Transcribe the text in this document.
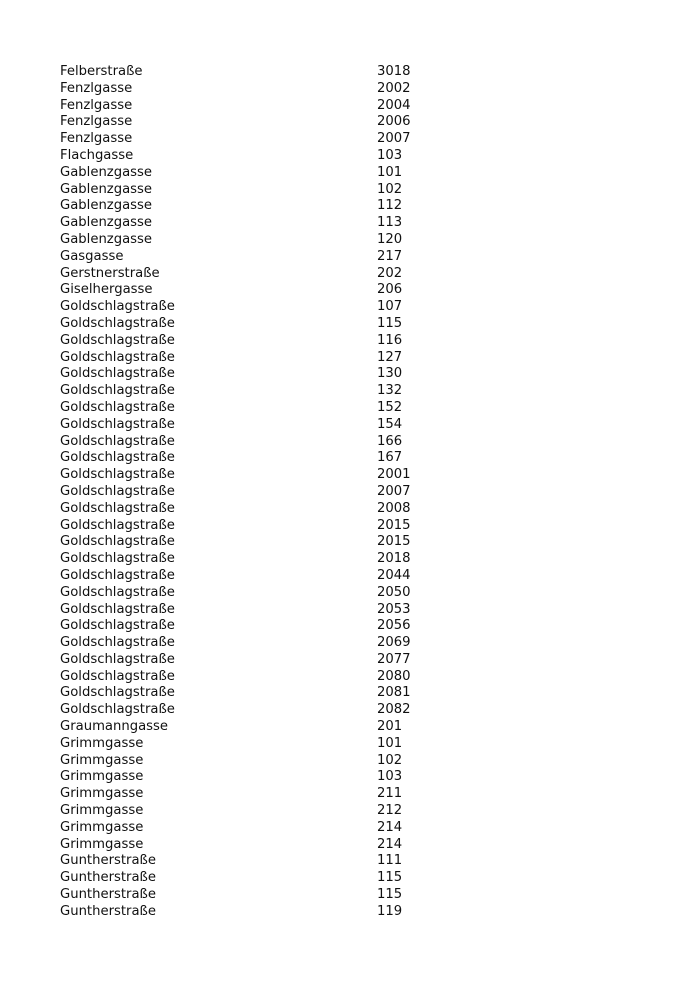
Felberstraße	3018
Fenzlgasse	2002
Fenzlgasse	2004
Fenzlgasse	2006
Fenzlgasse	2007
Flachgasse	103
Gablenzgasse	101
Gablenzgasse	102
Gablenzgasse	112
Gablenzgasse	113
Gablenzgasse	120
Gasgasse	217
Gerstnerstraße	202
Giselhergasse	206
Goldschlagstraße	107
Goldschlagstraße	115
Goldschlagstraße	116
Goldschlagstraße	127
Goldschlagstraße	130
Goldschlagstraße	132
Goldschlagstraße	152
Goldschlagstraße	154
Goldschlagstraße	166
Goldschlagstraße	167
Goldschlagstraße	2001
Goldschlagstraße	2007
Goldschlagstraße	2008
Goldschlagstraße	2015
Goldschlagstraße	2015
Goldschlagstraße	2018
Goldschlagstraße	2044
Goldschlagstraße	2050
Goldschlagstraße	2053
Goldschlagstraße	2056
Goldschlagstraße	2069
Goldschlagstraße	2077
Goldschlagstraße	2080
Goldschlagstraße	2081
Goldschlagstraße	2082
Graumanngasse	201
Grimmgasse	101
Grimmgasse	102
Grimmgasse	103
Grimmgasse	211
Grimmgasse	212
Grimmgasse	214
Grimmgasse	214
Guntherstraße	111
Guntherstraße	115
Guntherstraße	115
Guntherstraße	119
